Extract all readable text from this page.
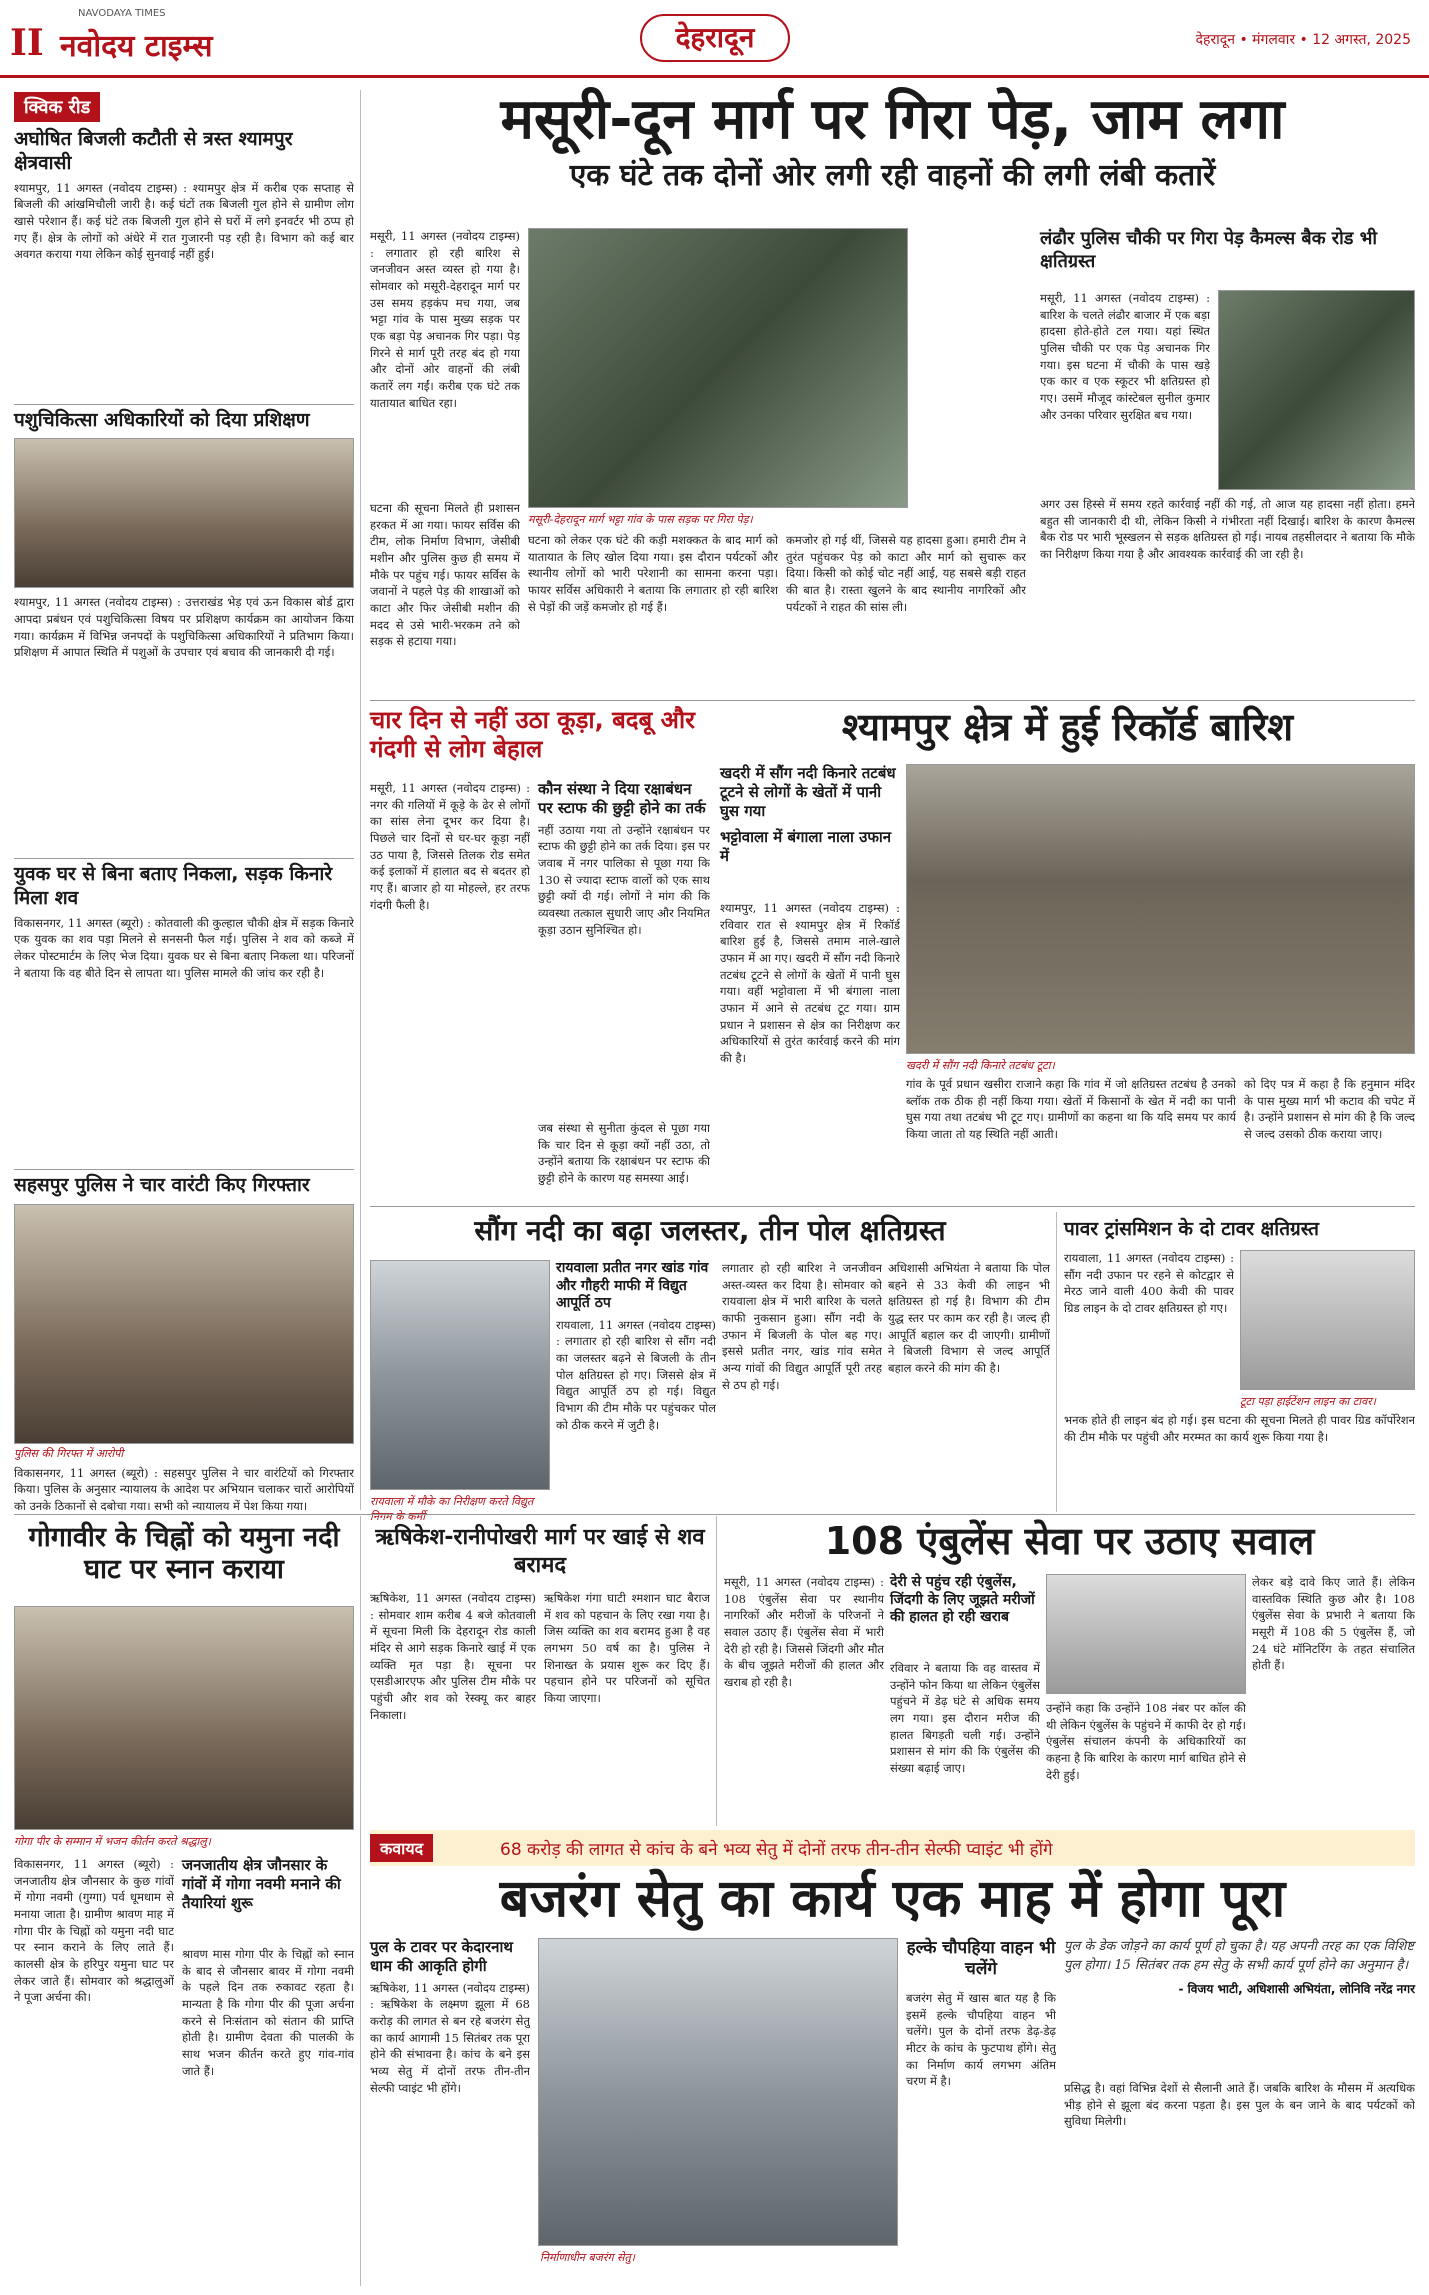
II
NAVODAYA TIMES
नवोदय टाइम्स	देहरादून	देहरादून • मंगलवार • 12 अगस्त, 2025
क्विक रीड
अघोषित बिजली कटौती से त्रस्त श्यामपुर क्षेत्रवासी
श्यामपुर, 11 अगस्त (नवोदय टाइम्स) : श्यामपुर क्षेत्र में करीब एक सप्ताह से बिजली की आंखमिचौली जारी है। कई घंटों तक बिजली गुल होने से ग्रामीण लोग खासे परेशान हैं। कई घंटे तक बिजली गुल होने से घरों में लगे इनवर्टर भी ठप्प हो गए हैं। क्षेत्र के लोगों को अंधेरे में रात गुजारनी पड़ रही है। विभाग को कई बार अवगत कराया गया लेकिन कोई सुनवाई नहीं हुई।
पशुचिकित्सा अधिकारियों को दिया प्रशिक्षण
श्यामपुर, 11 अगस्त (नवोदय टाइम्स) : उत्तराखंड भेड़ एवं ऊन विकास बोर्ड द्वारा आपदा प्रबंधन एवं पशुचिकित्सा विषय पर प्रशिक्षण कार्यक्रम का आयोजन किया गया। कार्यक्रम में विभिन्न जनपदों के पशुचिकित्सा अधिकारियों ने प्रतिभाग किया। प्रशिक्षण में आपात स्थिति में पशुओं के उपचार एवं बचाव की जानकारी दी गई।
युवक घर से बिना बताए निकला, सड़क किनारे मिला शव
विकासनगर, 11 अगस्त (ब्यूरो) : कोतवाली की कुल्हाल चौकी क्षेत्र में सड़क किनारे एक युवक का शव पड़ा मिलने से सनसनी फैल गई। पुलिस ने शव को कब्जे में लेकर पोस्टमार्टम के लिए भेज दिया। युवक घर से बिना बताए निकला था। परिजनों ने बताया कि वह बीते दिन से लापता था। पुलिस मामले की जांच कर रही है।
सहसपुर पुलिस ने चार वारंटी किए गिरफ्तार
पुलिस की गिरफ्त में आरोपी
विकासनगर, 11 अगस्त (ब्यूरो) : सहसपुर पुलिस ने चार वारंटियों को गिरफ्तार किया। पुलिस के अनुसार न्यायालय के आदेश पर अभियान चलाकर चारों आरोपियों को उनके ठिकानों से दबोचा गया। सभी को न्यायालय में पेश किया गया।
मसूरी-दून मार्ग पर गिरा पेड़, जाम लगा
एक घंटे तक दोनों ओर लगी रही वाहनों की लगी लंबी कतारें
मसूरी, 11 अगस्त (नवोदय टाइम्स) : लगातार हो रही बारिश से जनजीवन अस्त व्यस्त हो गया है। सोमवार को मसूरी-देहरादून मार्ग पर उस समय हड़कंप मच गया, जब भट्टा गांव के पास मुख्य सड़क पर एक बड़ा पेड़ अचानक गिर पड़ा। पेड़ गिरने से मार्ग पूरी तरह बंद हो गया और दोनों ओर वाहनों की लंबी कतारें लग गईं। करीब एक घंटे तक यातायात बाधित रहा।
मसूरी-देहरादून मार्ग भट्टा गांव के पास सड़क पर गिरा पेड़।
घटना की सूचना मिलते ही प्रशासन हरकत में आ गया। फायर सर्विस की टीम, लोक निर्माण विभाग, जेसीबी मशीन और पुलिस कुछ ही समय में मौके पर पहुंच गई। फायर सर्विस के जवानों ने पहले पेड़ की शाखाओं को काटा और फिर जेसीबी मशीन की मदद से उसे भारी-भरकम तने को सड़क से हटाया गया।
घटना को लेकर एक घंटे की कड़ी मशक्कत के बाद मार्ग को यातायात के लिए खोल दिया गया। इस दौरान पर्यटकों और स्थानीय लोगों को भारी परेशानी का सामना करना पड़ा। फायर सर्विस अधिकारी ने बताया कि लगातार हो रही बारिश से पेड़ों की जड़ें कमजोर हो गई हैं।
कमजोर हो गई थीं, जिससे यह हादसा हुआ। हमारी टीम ने तुरंत पहुंचकर पेड़ को काटा और मार्ग को सुचारू कर दिया। किसी को कोई चोट नहीं आई, यह सबसे बड़ी राहत की बात है। रास्ता खुलने के बाद स्थानीय नागरिकों और पर्यटकों ने राहत की सांस ली।
लंढौर पुलिस चौकी पर गिरा पेड़ कैमल्स बैक रोड भी क्षतिग्रस्त
मसूरी, 11 अगस्त (नवोदय टाइम्स) : बारिश के चलते लंढौर बाजार में एक बड़ा हादसा होते-होते टल गया। यहां स्थित पुलिस चौकी पर एक पेड़ अचानक गिर गया। इस घटना में चौकी के पास खड़े एक कार व एक स्कूटर भी क्षतिग्रस्त हो गए। उसमें मौजूद कांस्टेबल सुनील कुमार और उनका परिवार सुरक्षित बच गया।
अगर उस हिस्से में समय रहते कार्रवाई नहीं की गई, तो आज यह हादसा नहीं होता। हमने बहुत सी जानकारी दी थी, लेकिन किसी ने गंभीरता नहीं दिखाई। बारिश के कारण कैमल्स बैक रोड पर भारी भूस्खलन से सड़क क्षतिग्रस्त हो गई। नायब तहसीलदार ने बताया कि मौके का निरीक्षण किया गया है और आवश्यक कार्रवाई की जा रही है।
चार दिन से नहीं उठा कूड़ा, बदबू और गंदगी से लोग बेहाल
मसूरी, 11 अगस्त (नवोदय टाइम्स) : नगर की गलियों में कूड़े के ढेर से लोगों का सांस लेना दूभर कर दिया है। पिछले चार दिनों से घर-घर कूड़ा नहीं उठ पाया है, जिससे तिलक रोड समेत कई इलाकों में हालात बद से बदतर हो गए हैं। बाजार हो या मोहल्ले, हर तरफ गंदगी फैली है।
कौन संस्था ने दिया रक्षाबंधन पर स्टाफ की छुट्टी होने का तर्क
नहीं उठाया गया तो उन्होंने रक्षाबंधन पर स्टाफ की छुट्टी होने का तर्क दिया। इस पर जवाब में नगर पालिका से पूछा गया कि 130 से ज्यादा स्टाफ वालों को एक साथ छुट्टी क्यों दी गई। लोगों ने मांग की कि व्यवस्था तत्काल सुधारी जाए और नियमित कूड़ा उठान सुनिश्चित हो।
जब संस्था से सुनीता कुंदल से पूछा गया कि चार दिन से कूड़ा क्यों नहीं उठा, तो उन्होंने बताया कि रक्षाबंधन पर स्टाफ की छुट्टी होने के कारण यह समस्या आई।
श्यामपुर क्षेत्र में हुई रिकॉर्ड बारिश
खदरी में सौंग नदी किनारे तटबंध टूटने से लोगों के खेतों में पानी घुस गया
भट्टोवाला में बंगाला नाला उफान में
श्यामपुर, 11 अगस्त (नवोदय टाइम्स) : रविवार रात से श्यामपुर क्षेत्र में रिकॉर्ड बारिश हुई है, जिससे तमाम नाले-खाले उफान में आ गए। खदरी में सौंग नदी किनारे तटबंध टूटने से लोगों के खेतों में पानी घुस गया। वहीं भट्टोवाला में भी बंगाला नाला उफान में आने से तटबंध टूट गया। ग्राम प्रधान ने प्रशासन से क्षेत्र का निरीक्षण कर अधिकारियों से तुरंत कार्रवाई करने की मांग की है।
खदरी में सौंग नदी किनारे तटबंध टूटा।
गांव के पूर्व प्रधान खसीरा राजाने कहा कि गांव में जो क्षतिग्रस्त तटबंध है उनको ब्लॉक तक ठीक ही नहीं किया गया। खेतों में किसानों के खेत में नदी का पानी घुस गया तथा तटबंध भी टूट गए। ग्रामीणों का कहना था कि यदि समय पर कार्य किया जाता तो यह स्थिति नहीं आती।
को दिए पत्र में कहा है कि हनुमान मंदिर के पास मुख्य मार्ग भी कटाव की चपेट में है। उन्होंने प्रशासन से मांग की है कि जल्द से जल्द उसको ठीक कराया जाए।
सौंग नदी का बढ़ा जलस्तर, तीन पोल क्षतिग्रस्त
रायवाला में मौके का निरीक्षण करते विद्युत निगम के कर्मी
रायवाला प्रतीत नगर खांड गांव और गौहरी माफी में विद्युत आपूर्ति ठप
रायवाला, 11 अगस्त (नवोदय टाइम्स) : लगातार हो रही बारिश से सौंग नदी का जलस्तर बढ़ने से बिजली के तीन पोल क्षतिग्रस्त हो गए। जिससे क्षेत्र में विद्युत आपूर्ति ठप हो गई। विद्युत विभाग की टीम मौके पर पहुंचकर पोल को ठीक करने में जुटी है।
लगातार हो रही बारिश ने जनजीवन अस्त-व्यस्त कर दिया है। सोमवार को रायवाला क्षेत्र में भारी बारिश के चलते काफी नुकसान हुआ। सौंग नदी के उफान में बिजली के पोल बह गए। इससे प्रतीत नगर, खांड गांव समेत अन्य गांवों की विद्युत आपूर्ति पूरी तरह से ठप हो गई।
अधिशासी अभियंता ने बताया कि पोल बहने से 33 केवी की लाइन भी क्षतिग्रस्त हो गई है। विभाग की टीम युद्ध स्तर पर काम कर रही है। जल्द ही आपूर्ति बहाल कर दी जाएगी। ग्रामीणों ने बिजली विभाग से जल्द आपूर्ति बहाल करने की मांग की है।
पावर ट्रांसमिशन के दो टावर क्षतिग्रस्त
रायवाला, 11 अगस्त (नवोदय टाइम्स) : सौंग नदी उफान पर रहने से कोटद्वार से मेरठ जाने वाली 400 केवी की पावर ग्रिड लाइन के दो टावर क्षतिग्रस्त हो गए।
टूटा पड़ा हाईटेंशन लाइन का टावर।
भनक होते ही लाइन बंद हो गई। इस घटना की सूचना मिलते ही पावर ग्रिड कॉर्पोरेशन की टीम मौके पर पहुंची और मरम्मत का कार्य शुरू किया गया है।
गोगावीर के चिह्नों को यमुना नदी घाट पर स्नान कराया
गोगा पीर के सम्मान में भजन कीर्तन करते श्रद्धालु।
विकासनगर, 11 अगस्त (ब्यूरो) : जनजातीय क्षेत्र जौनसार के कुछ गांवों में गोगा नवमी (गुग्गा) पर्व धूमधाम से मनाया जाता है। ग्रामीण श्रावण माह में गोगा पीर के चिह्नों को यमुना नदी घाट पर स्नान कराने के लिए लाते हैं। कालसी क्षेत्र के हरिपुर यमुना घाट पर लेकर जाते हैं। सोमवार को श्रद्धालुओं ने पूजा अर्चना की।
जनजातीय क्षेत्र जौनसार के गांवों में गोगा नवमी मनाने की तैयारियां शुरू
श्रावण मास गोगा पीर के चिह्नों को स्नान के बाद से जौनसार बावर में गोगा नवमी के पहले दिन तक रुकावट रहता है। मान्यता है कि गोगा पीर की पूजा अर्चना करने से निःसंतान को संतान की प्राप्ति होती है। ग्रामीण देवता की पालकी के साथ भजन कीर्तन करते हुए गांव-गांव जाते हैं।
ऋषिकेश-रानीपोखरी मार्ग पर खाई से शव बरामद
ऋषिकेश, 11 अगस्त (नवोदय टाइम्स) : सोमवार शाम करीब 4 बजे कोतवाली में सूचना मिली कि देहरादून रोड काली मंदिर से आगे सड़क किनारे खाई में एक व्यक्ति मृत पड़ा है। सूचना पर एसडीआरएफ और पुलिस टीम मौके पर पहुंची और शव को रेस्क्यू कर बाहर निकाला।
ऋषिकेश गंगा घाटी श्मशान घाट बैराज में शव को पहचान के लिए रखा गया है। जिस व्यक्ति का शव बरामद हुआ है वह लगभग 50 वर्ष का है। पुलिस ने शिनाख्त के प्रयास शुरू कर दिए हैं। पहचान होने पर परिजनों को सूचित किया जाएगा।
108 एंबुलेंस सेवा पर उठाए सवाल
मसूरी, 11 अगस्त (नवोदय टाइम्स) : 108 एंबुलेंस सेवा पर स्थानीय नागरिकों और मरीजों के परिजनों ने सवाल उठाए हैं। एंबुलेंस सेवा में भारी देरी हो रही है। जिससे जिंदगी और मौत के बीच जूझते मरीजों की हालत और खराब हो रही है।
देरी से पहुंच रही एंबुलेंस, जिंदगी के लिए जूझते मरीजों की हालत हो रही खराब
रविवार ने बताया कि वह वास्तव में उन्होंने फोन किया था लेकिन एंबुलेंस पहुंचने में डेढ़ घंटे से अधिक समय लग गया। इस दौरान मरीज की हालत बिगड़ती चली गई। उन्होंने प्रशासन से मांग की कि एंबुलेंस की संख्या बढ़ाई जाए।
उन्होंने कहा कि उन्होंने 108 नंबर पर कॉल की थी लेकिन एंबुलेंस के पहुंचने में काफी देर हो गई। एंबुलेंस संचालन कंपनी के अधिकारियों का कहना है कि बारिश के कारण मार्ग बाधित होने से देरी हुई।
लेकर बड़े दावे किए जाते हैं। लेकिन वास्तविक स्थिति कुछ और है। 108 एंबुलेंस सेवा के प्रभारी ने बताया कि मसूरी में 108 की 5 एंबुलेंस हैं, जो 24 घंटे मॉनिटरिंग के तहत संचालित होती हैं।
कवायद	68 करोड़ की लागत से कांच के बने भव्य सेतु में दोनों तरफ तीन-तीन सेल्फी प्वाइंट भी होंगे
बजरंग सेतु का कार्य एक माह में होगा पूरा
पुल के टावर पर केदारनाथ धाम की आकृति होगी
ऋषिकेश, 11 अगस्त (नवोदय टाइम्स) : ऋषिकेश के लक्ष्मण झूला में 68 करोड़ की लागत से बन रहे बजरंग सेतु का कार्य आगामी 15 सितंबर तक पूरा होने की संभावना है। कांच के बने इस भव्य सेतु में दोनों तरफ तीन-तीन सेल्फी प्वाइंट भी होंगे।
निर्माणाधीन बजरंग सेतु।
हल्के चौपहिया वाहन भी चलेंगे
बजरंग सेतु में खास बात यह है कि इसमें हल्के चौपहिया वाहन भी चलेंगे। पुल के दोनों तरफ डेढ़-डेढ़ मीटर के कांच के फुटपाथ होंगे। सेतु का निर्माण कार्य लगभग अंतिम चरण में है।
पुल के डेक जोड़ने का कार्य पूर्ण हो चुका है। यह अपनी तरह का एक विशिष्ट पुल होगा। 15 सितंबर तक हम सेतु के सभी कार्य पूर्ण होने का अनुमान है।
- विजय भाटी, अधिशासी अभियंता, लोनिवि नरेंद्र नगर
प्रसिद्ध है। वहां विभिन्न देशों से सैलानी आते हैं। जबकि बारिश के मौसम में अत्यधिक भीड़ होने से झूला बंद करना पड़ता है। इस पुल के बन जाने के बाद पर्यटकों को सुविधा मिलेगी।
